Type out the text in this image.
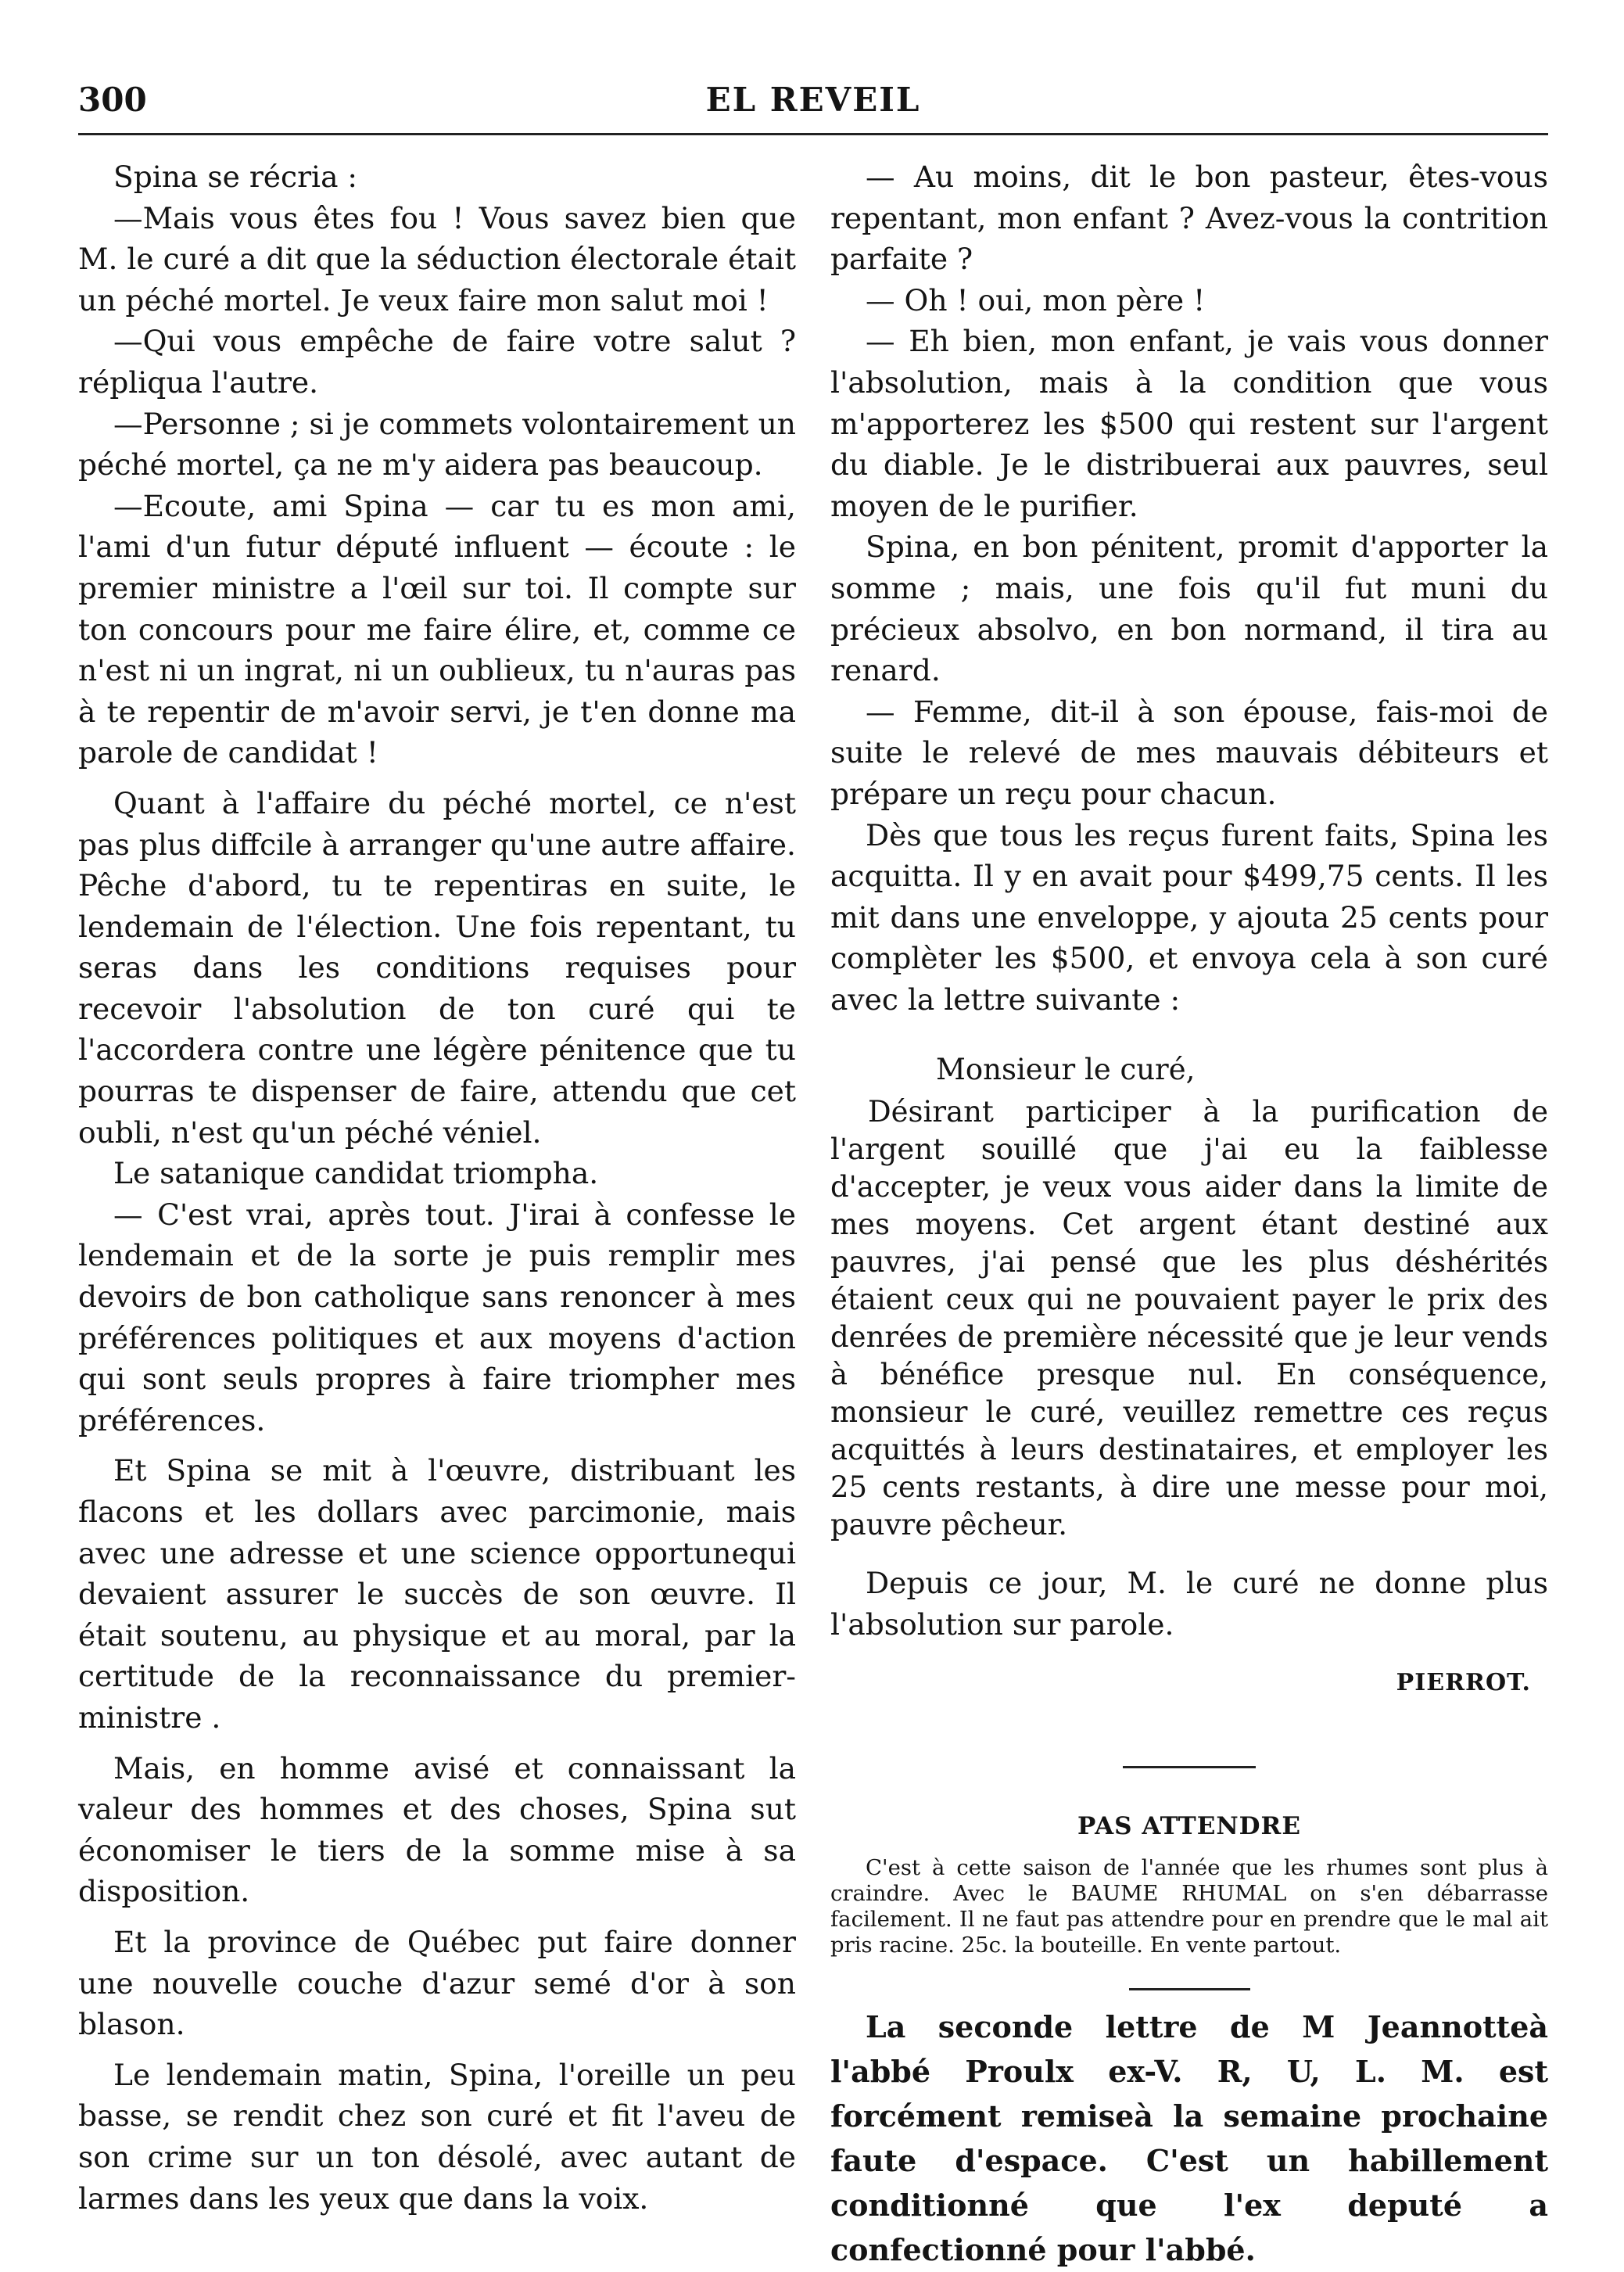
300	EL REVEIL

Spina se récria :

—Mais vous êtes fou ! Vous savez bien que M. le curé a dit que la séduction électorale était un péché mortel. Je veux faire mon salut moi !

—Qui vous empêche de faire votre salut ? répliqua l'autre.

—Personne ; si je commets volontairement un péché mortel, ça ne m'y aidera pas beaucoup.

—Ecoute, ami Spina — car tu es mon ami, l'ami d'un futur député influent — écoute : le premier ministre a l'œil sur toi. Il compte sur ton concours pour me faire élire, et, comme ce n'est ni un ingrat, ni un oublieux, tu n'auras pas à te repentir de m'avoir servi, je t'en donne ma parole de candidat !

Quant à l'affaire du péché mortel, ce n'est pas plus diffcile à arranger qu'une autre affaire. Pêche d'abord, tu te repentiras en suite, le lendemain de l'élection. Une fois repentant, tu seras dans les conditions requises pour recevoir l'absolution de ton curé qui te l'accordera contre une légère pénitence que tu pourras te dispenser de faire, attendu que cet oubli, n'est qu'un péché véniel.

Le satanique candidat triompha.

— C'est vrai, après tout. J'irai à confesse le lendemain et de la sorte je puis remplir mes devoirs de bon catholique sans renoncer à mes préférences politiques et aux moyens d'action qui sont seuls propres à faire triompher mes préférences.

Et Spina se mit à l'œuvre, distribuant les flacons et les dollars avec parcimonie, mais avec une adresse et une science opportunequi devaient assurer le succès de son œuvre. Il était soutenu, au physique et au moral, par la certitude de la reconnaissance du premier-ministre .

Mais, en homme avisé et connaissant la valeur des hommes et des choses, Spina sut économiser le tiers de la somme mise à sa disposition.

Et la province de Québec put faire donner une nouvelle couche d'azur semé d'or à son blason.

Le lendemain matin, Spina, l'oreille un peu basse, se rendit chez son curé et fit l'aveu de son crime sur un ton désolé, avec autant de larmes dans les yeux que dans la voix.

— Au moins, dit le bon pasteur, êtes-vous repentant, mon enfant ? Avez-vous la contrition parfaite ?

— Oh ! oui, mon père !

— Eh bien, mon enfant, je vais vous donner l'absolution, mais à la condition que vous m'apporterez les $500 qui restent sur l'argent du diable. Je le distribuerai aux pauvres, seul moyen de le purifier.

Spina, en bon pénitent, promit d'apporter la somme ; mais, une fois qu'il fut muni du précieux absolvo, en bon normand, il tira au renard.

— Femme, dit-il à son épouse, fais-moi de suite le relevé de mes mauvais débiteurs et prépare un reçu pour chacun.

Dès que tous les reçus furent faits, Spina les acquitta. Il y en avait pour $499,75 cents. Il les mit dans une enveloppe, y ajouta 25 cents pour complèter les $500, et envoya cela à son curé avec la lettre suivante :

Monsieur le curé,

Désirant participer à la purification de l'argent souillé que j'ai eu la faiblesse d'accepter, je veux vous aider dans la limite de mes moyens. Cet argent étant destiné aux pauvres, j'ai pensé que les plus déshérités étaient ceux qui ne pouvaient payer le prix des denrées de première nécessité que je leur vends à bénéfice presque nul. En conséquence, monsieur le curé, veuillez remettre ces reçus acquittés à leurs destinataires, et employer les 25 cents restants, à dire une messe pour moi, pauvre pêcheur.

Depuis ce jour, M. le curé ne donne plus l'absolution sur parole.

PIERROT.
PAS ATTENDRE
C'est à cette saison de l'année que les rhumes sont plus à craindre. Avec le BAUME RHUMAL on s'en débarrasse facilement. Il ne faut pas attendre pour en prendre que le mal ait pris racine. 25c. la bouteille. En vente partout.
La seconde lettre de M Jeannotteà l'abbé Proulx ex-V. R, U, L. M. est forcément remiseà la semaine prochaine faute d'espace. C'est un habillement conditionné que l'ex deputé a confectionné pour l'abbé.
